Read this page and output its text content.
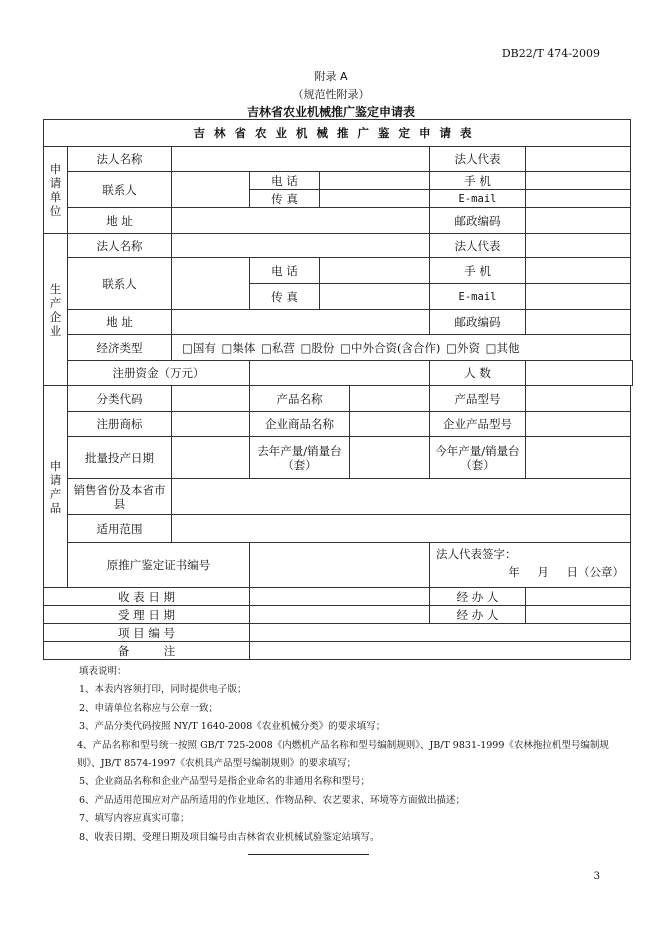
DB22/T 474-2009
附录 A
（规范性附录）
吉林省农业机械推广鉴定申请表
吉林省农业机械推广鉴定申请表							

申
请
单
位	法人名称					法人代表	
	联系人		电 话			手 机	
			传 真			E-mail	
	地 址					邮政编码	

生
产
企
业	法人名称					法人代表	
	联系人		电 话			手 机	
			传 真			E-mail	
	地 址					邮政编码	
	经济类型	□国有 □集体 □私营 □股份 □中外合资(含合作) □外资 □其他					
	注册资金（万元）					人 数	

申
请
产
品	分类代码		产品名称			产品型号	
	注册商标		企业商品名称			企业产品型号	
	批量投产日期		去年产量/销量台（套）			今年产量/销量台（套）	
	销售省份及本省市县						
	适用范围						
	原推广鉴定证书编号					法人代表签字：
年 月 日（公章）	

收 表 日 期						经 办 人	
受 理 日 期						经 办 人	
项 目 编 号							
备　　　注							
填表说明：
1、本表内容须打印，同时提供电子版；
2、申请单位名称应与公章一致；
3、产品分类代码按照 NY/T 1640-2008《农业机械分类》的要求填写；
4、产品名称和型号统一按照 GB/T 725-2008《内燃机产品名称和型号编制规则》、JB/T 9831-1999《农林拖拉机型号编制规则》、JB/T 8574-1997《农机具产品型号编制规则》的要求填写；
5、企业商品名称和企业产品型号是指企业命名的非通用名称和型号；
6、产品适用范围应对产品所适用的作业地区、作物品种、农艺要求、环境等方面做出描述；
7、填写内容应真实可靠；
8、收表日期、受理日期及项目编号由吉林省农业机械试验鉴定站填写。
3
